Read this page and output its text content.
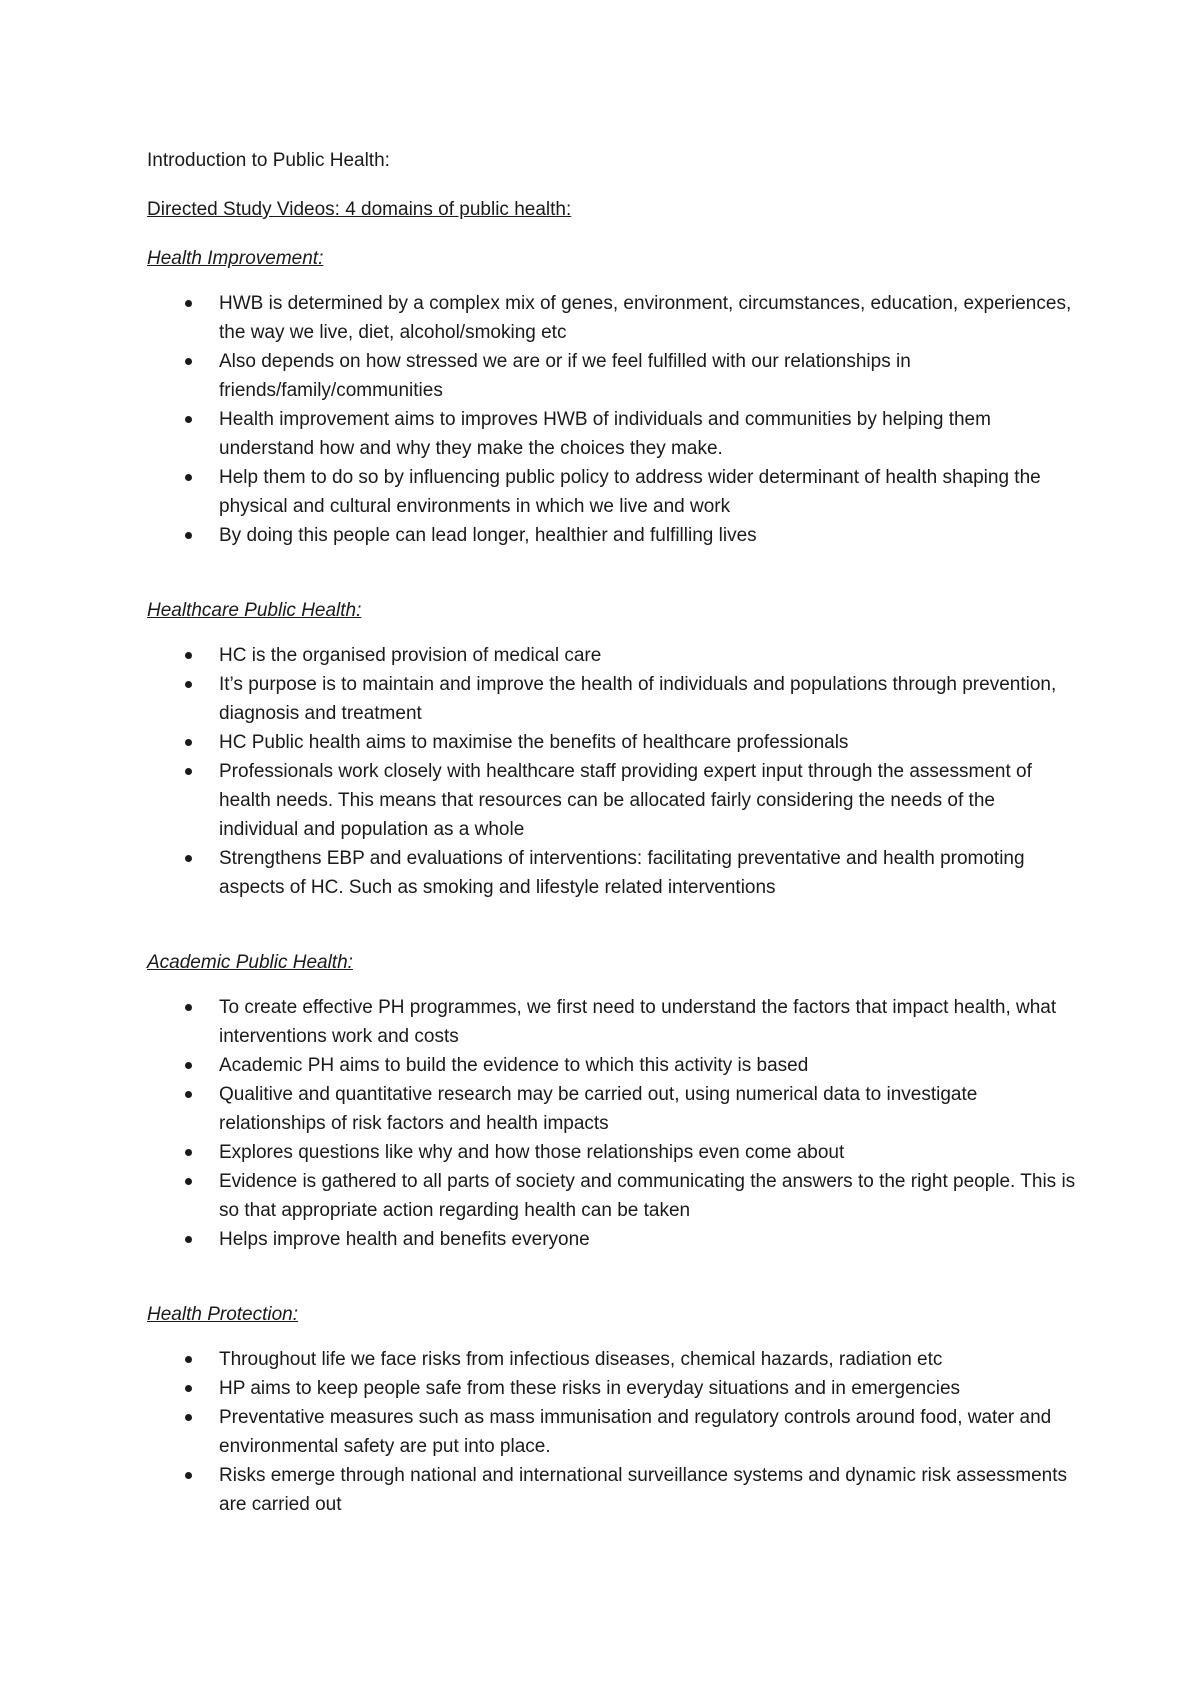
Introduction to Public Health:

Directed Study Videos: 4 domains of public health:

Health Improvement:

HWB is determined by a complex mix of genes, environment, circumstances, education, experiences, the way we live, diet, alcohol/smoking etc
Also depends on how stressed we are or if we feel fulfilled with our relationships in friends/family/communities
Health improvement aims to improves HWB of individuals and communities by helping them understand how and why they make the choices they make.
Help them to do so by influencing public policy to address wider determinant of health shaping the physical and cultural environments in which we live and work
By doing this people can lead longer, healthier and fulfilling lives

Healthcare Public Health:

HC is the organised provision of medical care
It’s purpose is to maintain and improve the health of individuals and populations through prevention, diagnosis and treatment
HC Public health aims to maximise the benefits of healthcare professionals
Professionals work closely with healthcare staff providing expert input through the assessment of health needs. This means that resources can be allocated fairly considering the needs of the individual and population as a whole
Strengthens EBP and evaluations of interventions: facilitating preventative and health promoting aspects of HC. Such as smoking and lifestyle related interventions

Academic Public Health:

To create effective PH programmes, we first need to understand the factors that impact health, what interventions work and costs
Academic PH aims to build the evidence to which this activity is based
Qualitive and quantitative research may be carried out, using numerical data to investigate relationships of risk factors and health impacts
Explores questions like why and how those relationships even come about
Evidence is gathered to all parts of society and communicating the answers to the right people. This is so that appropriate action regarding health can be taken
Helps improve health and benefits everyone

Health Protection:

Throughout life we face risks from infectious diseases, chemical hazards, radiation etc
HP aims to keep people safe from these risks in everyday situations and in emergencies
Preventative measures such as mass immunisation and regulatory controls around food, water and environmental safety are put into place.
Risks emerge through national and international surveillance systems and dynamic risk assessments are carried out
